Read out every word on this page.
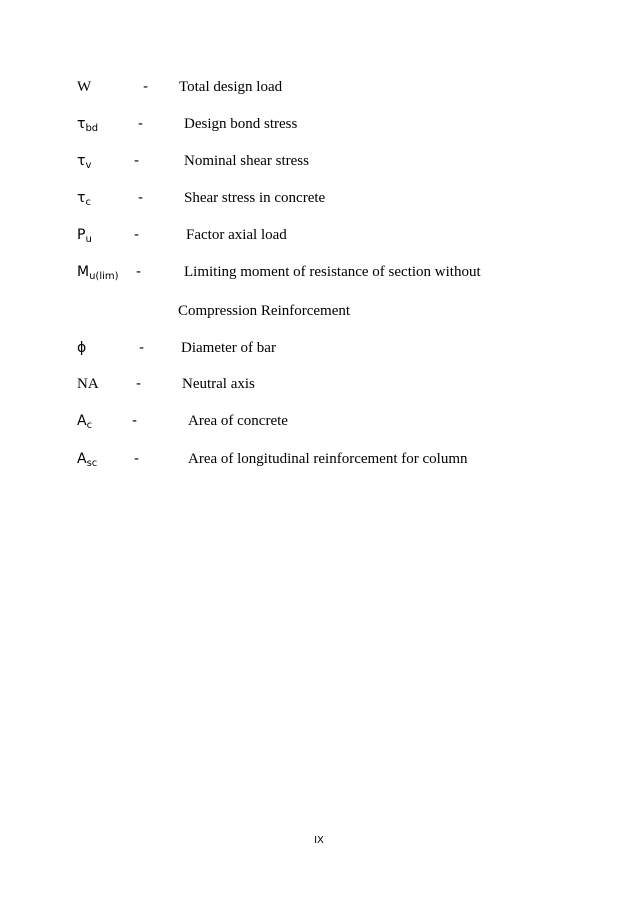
W	- Total design load
$\tau_{bd}$	-	Design bond stress
$\tau_v$	-	Nominal shear stress
$\tau_c$	-	Shear stress in concrete
$P_u$	-	Factor axial load
$M_{u(lim)}$ -	Limiting moment of resistance of section without
Compression Reinforcement
ϕ	- Diameter of bar
NA	-	Neutral axis
$A_c$	-	Area of concrete
$A_{sc}$	-	Area of longitudinal reinforcement for column
IX
